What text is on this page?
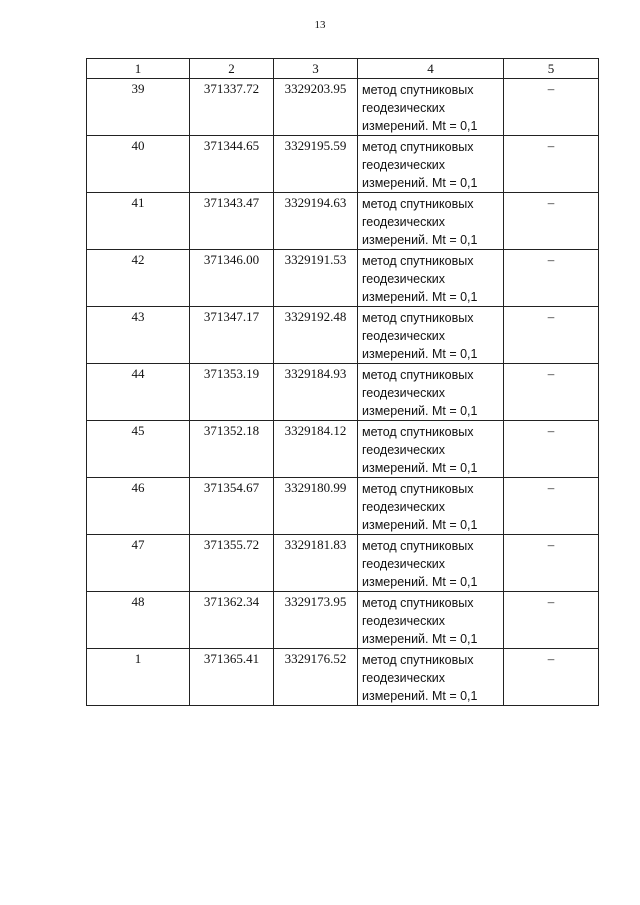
13
1	2	3	4	5
39	371337.72	3329203.95	метод спутниковых
геодезических
измерений. Mt = 0,1	–
40	371344.65	3329195.59	метод спутниковых
геодезических
измерений. Mt = 0,1	–
41	371343.47	3329194.63	метод спутниковых
геодезических
измерений. Mt = 0,1	–
42	371346.00	3329191.53	метод спутниковых
геодезических
измерений. Mt = 0,1	–
43	371347.17	3329192.48	метод спутниковых
геодезических
измерений. Mt = 0,1	–
44	371353.19	3329184.93	метод спутниковых
геодезических
измерений. Mt = 0,1	–
45	371352.18	3329184.12	метод спутниковых
геодезических
измерений. Mt = 0,1	–
46	371354.67	3329180.99	метод спутниковых
геодезических
измерений. Mt = 0,1	–
47	371355.72	3329181.83	метод спутниковых
геодезических
измерений. Mt = 0,1	–
48	371362.34	3329173.95	метод спутниковых
геодезических
измерений. Mt = 0,1	–
1	371365.41	3329176.52	метод спутниковых
геодезических
измерений. Mt = 0,1	–
